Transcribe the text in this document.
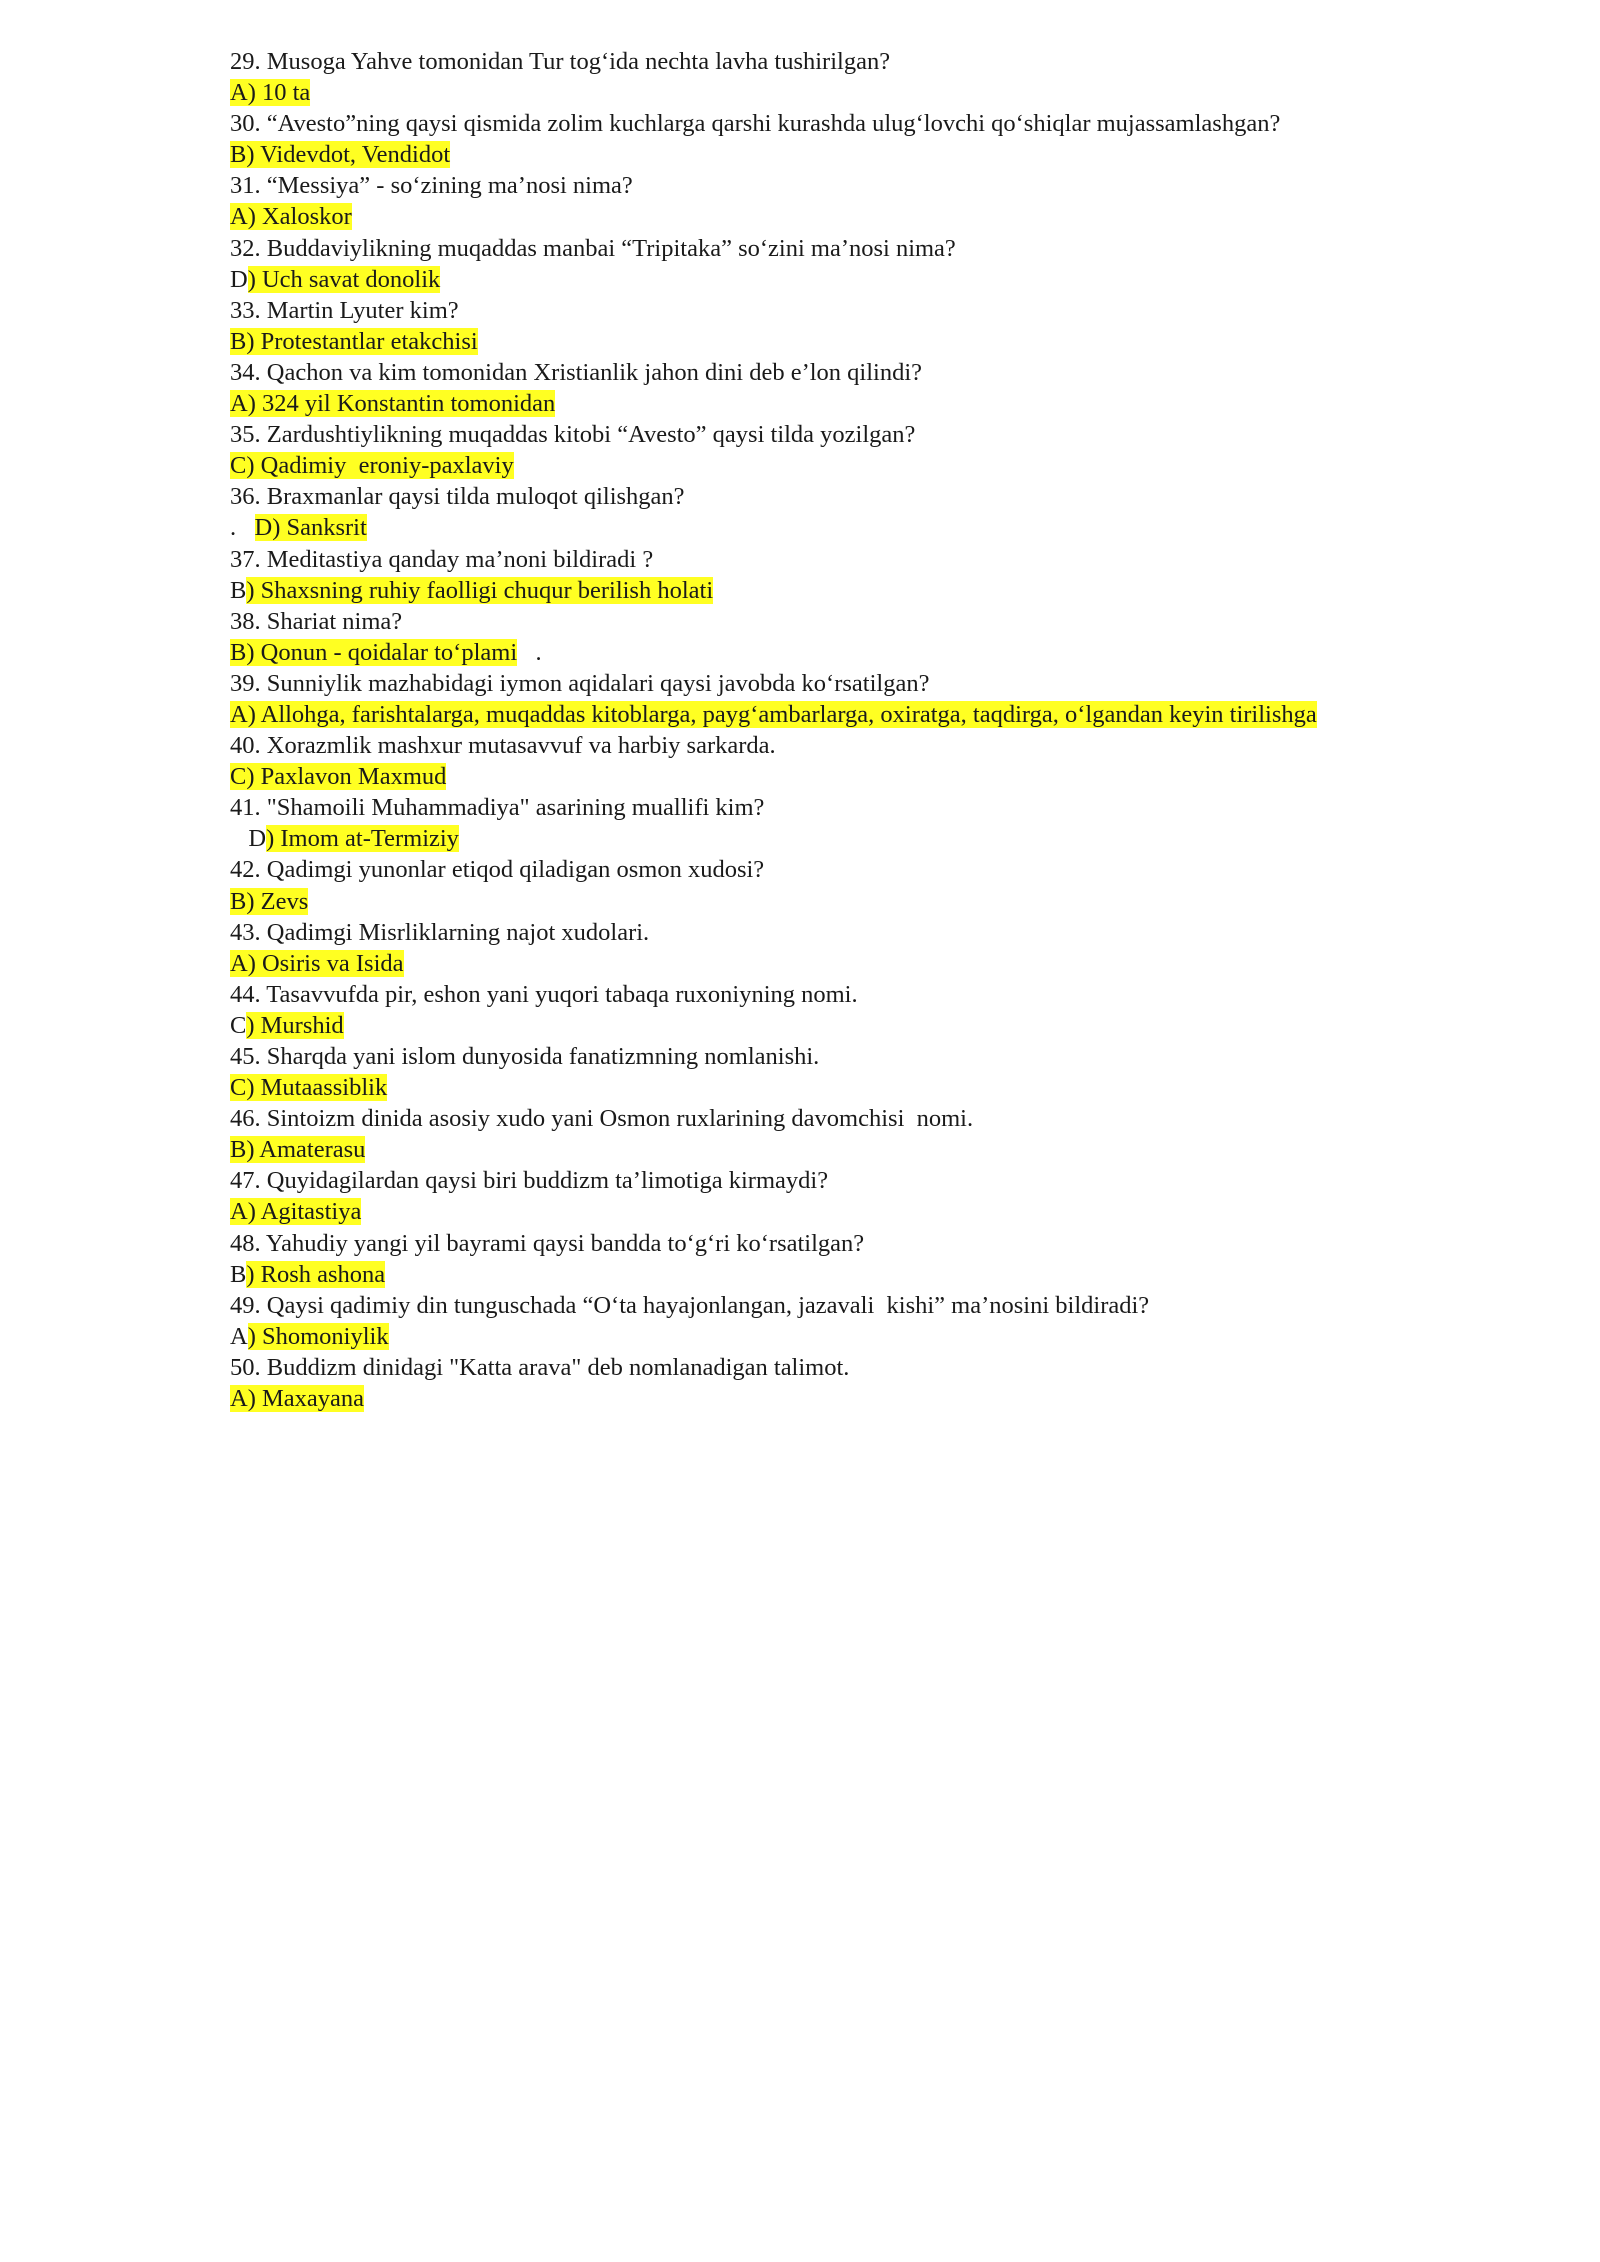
29. Musoga Yahve tomonidan Tur tog‘ida nechta lavha tushirilgan?
A) 10 ta
30. “Avesto”ning qaysi qismida zolim kuchlarga qarshi kurashda ulug‘lovchi qo‘shiqlar mujassamlashgan?
B) Videvdot, Vendidot
31. “Messiya” - so‘zining ma’nosi nima?
A) Xaloskor
32. Buddaviylikning muqaddas manbai “Tripitaka” so‘zini ma’nosi nima?
D) Uch savat donolik
33. Martin Lyuter kim?
B) Protestantlar etakchisi
34. Qachon va kim tomonidan Xristianlik jahon dini deb e’lon qilindi?
A) 324 yil Konstantin tomonidan
35. Zardushtiylikning muqaddas kitobi “Avesto” qaysi tilda yozilgan?
C) Qadimiy  eroniy-paxlaviy
36. Braxmanlar qaysi tilda muloqot qilishgan?
.   D) Sanksrit
37. Meditastiya qanday ma’noni bildiradi ?
B) Shaxsning ruhiy faolligi chuqur berilish holati
38. Shariat nima?
B) Qonun - qoidalar to‘plami   .
39. Sunniylik mazhabidagi iymon aqidalari qaysi javobda ko‘rsatilgan?
A) Allohga, farishtalarga, muqaddas kitoblarga, payg‘ambarlarga, oxiratga, taqdirga, o‘lgandan keyin tirilishga
40. Xorazmlik mashxur mutasavvuf va harbiy sarkarda.
C) Paxlavon Maxmud
41. "Shamoili Muhammadiya" asarining muallifi kim?
D) Imom at-Termiziy
42. Qadimgi yunonlar etiqod qiladigan osmon xudosi?
B) Zevs
43. Qadimgi Misrliklarning najot xudolari.
A) Osiris va Isida
44. Tasavvufda pir, eshon yani yuqori tabaqa ruxoniyning nomi.
C) Murshid
45. Sharqda yani islom dunyosida fanatizmning nomlanishi.
C) Mutaassiblik
46. Sintoizm dinida asosiy xudo yani Osmon ruxlarining davomchisi  nomi.
B) Amaterasu
47. Quyidagilardan qaysi biri buddizm ta’limotiga kirmaydi?
A) Agitastiya
48. Yahudiy yangi yil bayrami qaysi bandda to‘g‘ri ko‘rsatilgan?
B) Rosh ashona
49. Qaysi qadimiy din tunguschada “O‘ta hayajonlangan, jazavali  kishi” ma’nosini bildiradi?
A) Shomoniylik
50. Buddizm dinidagi "Katta arava" deb nomlanadigan talimot.
A) Maxayana
